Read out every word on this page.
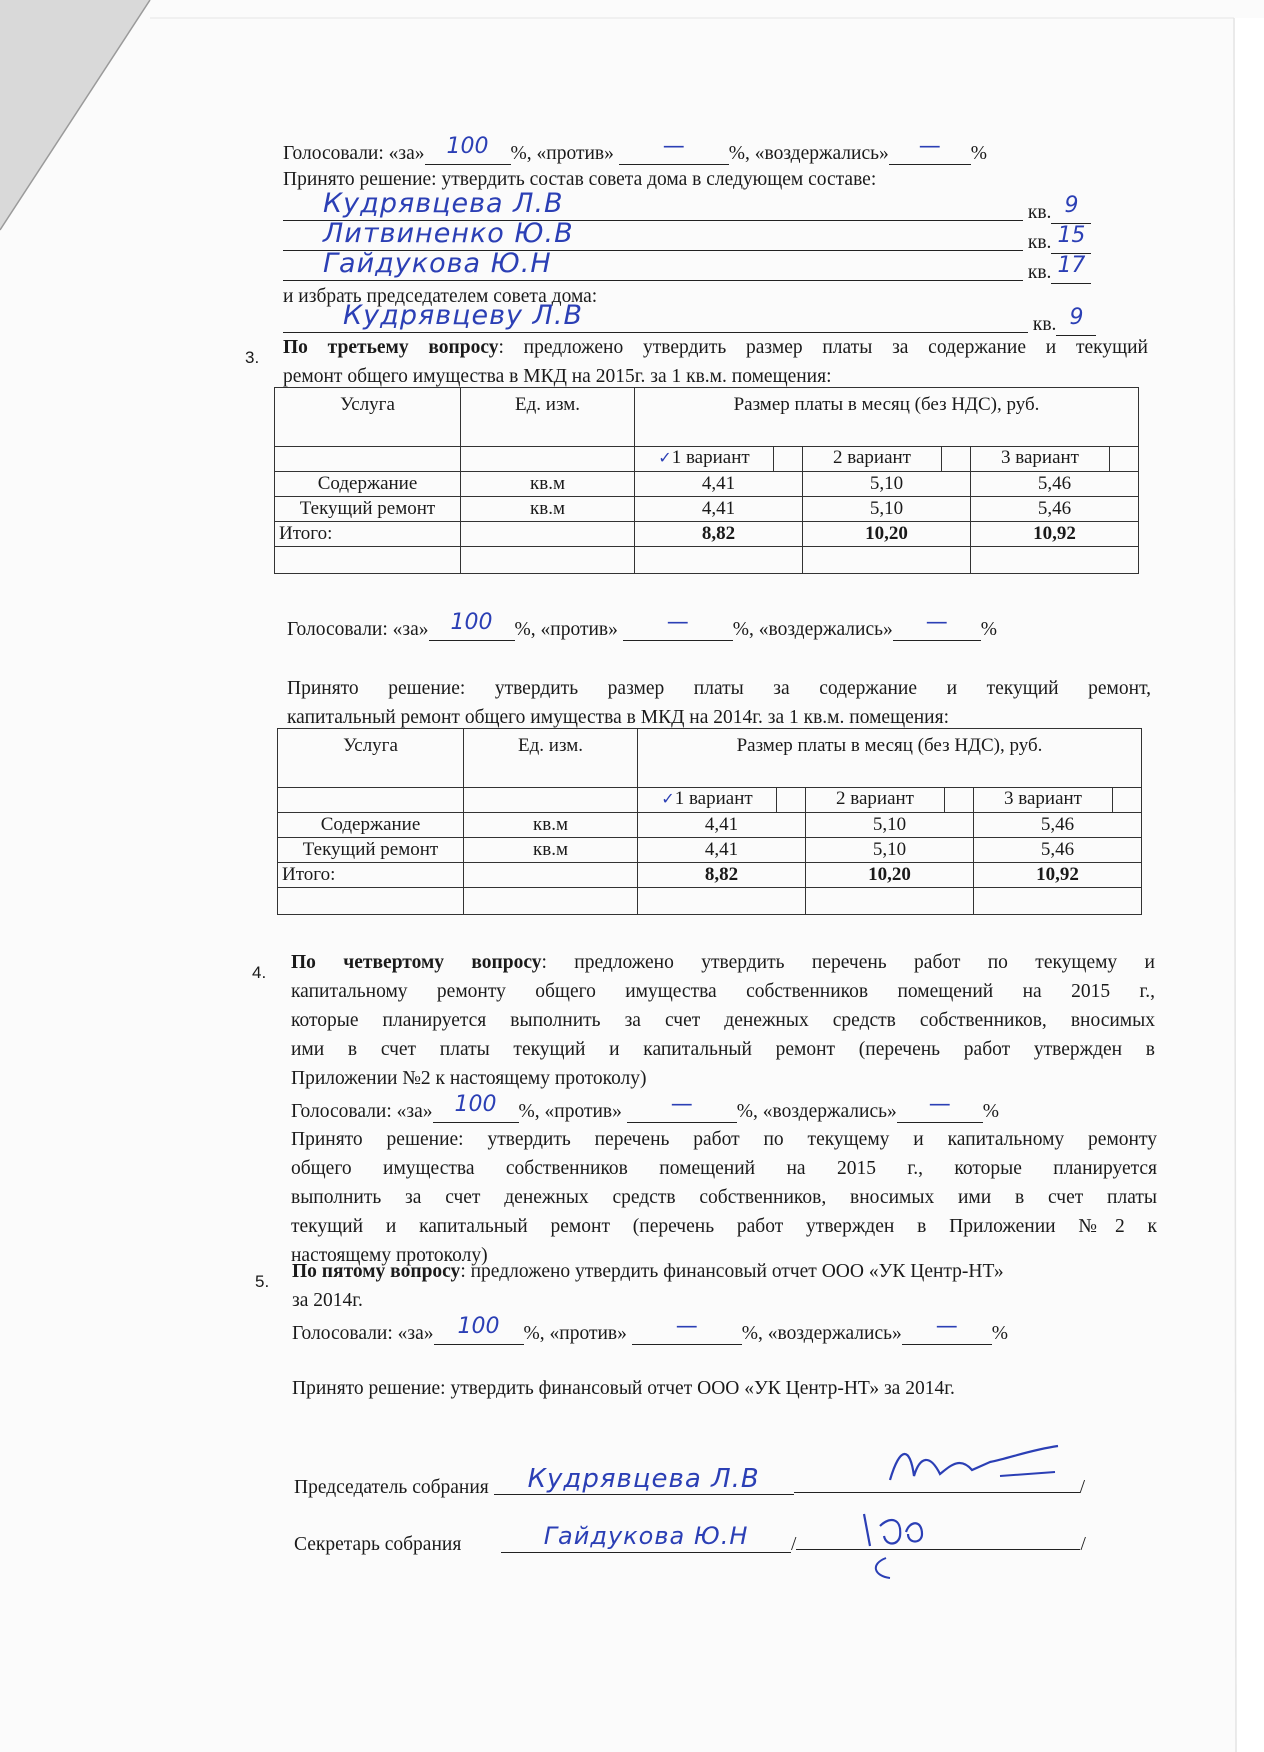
Голосовали: «за» 100 %, «против» — %, «воздержались» — %
Принято решение: утвердить состав совета дома в следующем составе:
Кудрявцева Л.В	кв. 9
Литвиненко Ю.В	кв. 15
Гайдукова Ю.Н	кв. 17
и избрать председателем совета дома:
Кудрявцеву Л.В	кв. 9
3. По третьему вопросу: предложено утвердить размер платы за содержание и текущий
ремонт общего имущества в МКД на 2015г. за 1 кв.м. помещения:
Услуга	Ед. изм.	Размер платы в месяц (без НДС), руб.		

		✓1 вариант	2 вариант	3 вариант

Содержание	кв.м	4,41	5,10	5,46
Текущий ремонт	кв.м	4,41	5,10	5,46
Итого:		8,82	10,20	10,92

Голосовали: «за» 100 %, «против» — %, «воздержались» — %
Принято решение: утвердить размер платы за содержание и текущий ремонт,
капитальный ремонт общего имущества в МКД на 2014г. за 1 кв.м. помещения:
Услуга	Ед. изм.	Размер платы в месяц (без НДС), руб.		

		✓1 вариант	2 вариант	3 вариант

Содержание	кв.м	4,41	5,10	5,46
Текущий ремонт	кв.м	4,41	5,10	5,46
Итого:		8,82	10,20	10,92

4. По четвертому вопросу: предложено утвердить перечень работ по текущему и
капитальному ремонту общего имущества собственников помещений на 2015 г.,
которые планируется выполнить за счет денежных средств собственников, вносимых
ими в счет платы текущий и капитальный ремонт (перечень работ утвержден в
Приложении №2 к настоящему протоколу)
Голосовали: «за» 100 %, «против» — %, «воздержались» — %
Принято решение: утвердить перечень работ по текущему и капитальному ремонту
общего имущества собственников помещений на 2015 г., которые планируется
выполнить за счет денежных средств собственников, вносимых ими в счет платы
текущий и капитальный ремонт (перечень работ утвержден в Приложении №2 к
настоящему протоколу)
5. По пятому вопросу: предложено утвердить финансовый отчет ООО «УК Центр-НТ»
за 2014г.
Голосовали: «за» 100 %, «против» — %, «воздержались» — %
Принято решение: утвердить финансовый отчет ООО «УК Центр-НТ» за 2014г.
Председатель собрания Кудрявцева Л.В	/
Секретарь собрания	Гайдукова Ю.Н /	/
